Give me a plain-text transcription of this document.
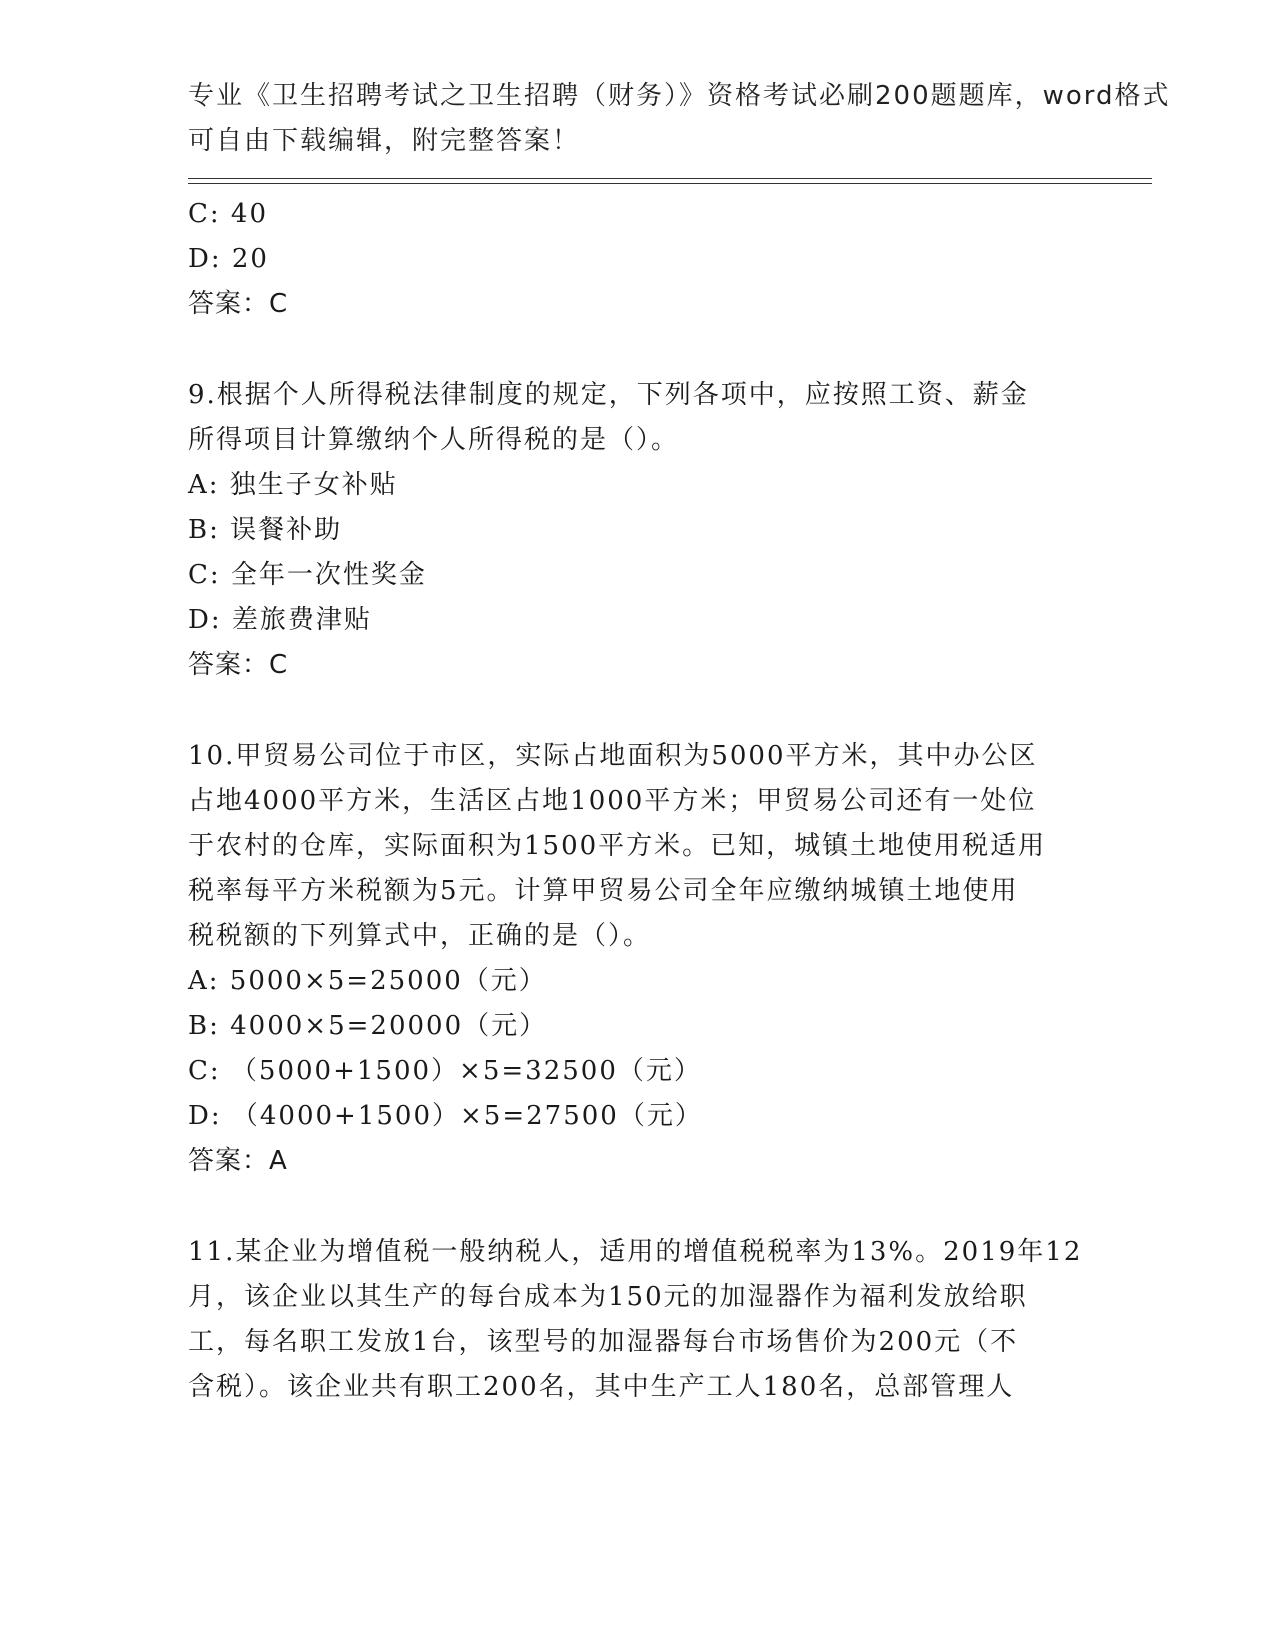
专业《卫生招聘考试之卫生招聘（财务）》资格考试必刷200题题库，word格式
可自由下载编辑，附完整答案！
C: 40
D: 20
答案：C
9.根据个人所得税法律制度的规定，下列各项中，应按照工资、薪金
所得项目计算缴纳个人所得税的是（）。
A: 独生子女补贴
B: 误餐补助
C: 全年一次性奖金
D: 差旅费津贴
答案：C
10.甲贸易公司位于市区，实际占地面积为5000平方米，其中办公区
占地4000平方米，生活区占地1000平方米；甲贸易公司还有一处位
于农村的仓库，实际面积为1500平方米。已知，城镇土地使用税适用
税率每平方米税额为5元。计算甲贸易公司全年应缴纳城镇土地使用
税税额的下列算式中，正确的是（）。
A: 5000×5=25000（元）
B: 4000×5=20000（元）
C: （5000+1500）×5=32500（元）
D: （4000+1500）×5=27500（元）
答案：A
11.某企业为增值税一般纳税人，适用的增值税税率为13%。2019年12
月，该企业以其生产的每台成本为150元的加湿器作为福利发放给职
工，每名职工发放1台，该型号的加湿器每台市场售价为200元（不
含税）。该企业共有职工200名，其中生产工人180名，总部管理人
